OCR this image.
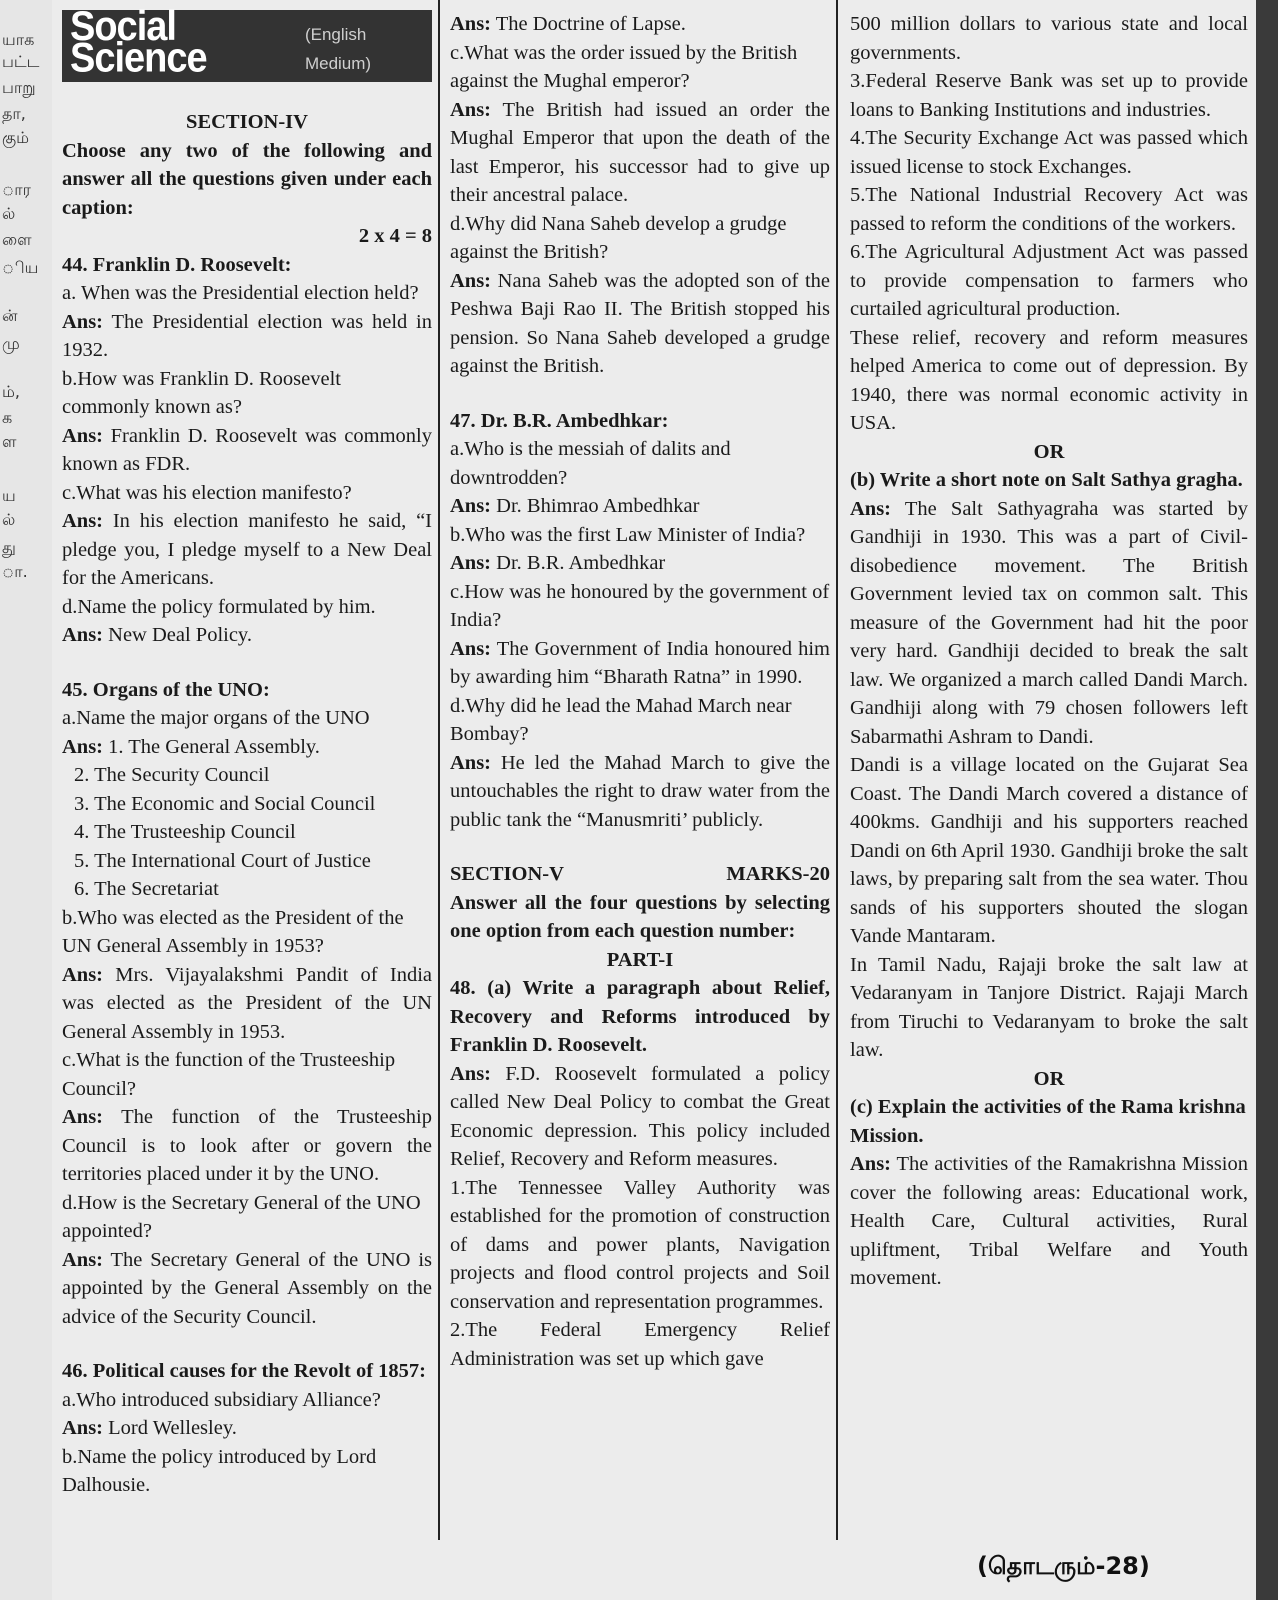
யாக
பட்ட
பாறு
தா,
கும்
ார
ல்
ளை
ிய
ன்
மு
ம்,
க
ள
ய
ல்
து
ா.
Social Science
(English Medium)

SECTION-IV

Choose any two of the following and answer all the questions given under each caption:

2 x 4 = 8

44. Franklin D. Roosevelt:

a. When was the Presidential election held?

Ans: The Presidential election was held in 1932.

b.How was Franklin D. Roosevelt commonly known as?

Ans: Franklin D. Roosevelt was commonly known as FDR.

c.What was his election manifesto?

Ans: In his election manifesto he said, “I pledge you, I pledge myself to a New Deal for the Americans.

d.Name the policy formulated by him.

Ans: New Deal Policy.

45. Organs of the UNO:

a.Name the major organs of the UNO

Ans: 1. The General Assembly.

2. The Security Council

3. The Economic and Social Council

4. The Trusteeship Council

5. The International Court of Justice

6. The Secretariat

b.Who was elected as the President of the UN General Assembly in 1953?

Ans: Mrs. Vijayalakshmi Pandit of India was elected as the President of the UN General Assembly in 1953.

c.What is the function of the Trusteeship Council?

Ans: The function of the Trusteeship Council is to look after or govern the territories placed under it by the UNO.

d.How is the Secretary General of the UNO appointed?

Ans: The Secretary General of the UNO is appointed by the General Assembly on the advice of the Security Council.

46. Political causes for the Revolt of 1857:

a.Who introduced subsidiary Alliance?

Ans: Lord Wellesley.

b.Name the policy introduced by Lord Dalhousie.

Ans: The Doctrine of Lapse.

c.What was the order issued by the British against the Mughal emperor?

Ans: The British had issued an order the Mughal Emperor that upon the death of the last Emperor, his successor had to give up their ancestral palace.

d.Why did Nana Saheb develop a grudge against the British?

Ans: Nana Saheb was the adopted son of the Peshwa Baji Rao II. The British stopped his pension. So Nana Saheb developed a grudge against the British.

47. Dr. B.R. Ambedhkar:

a.Who is the messiah of dalits and downtrodden?

Ans: Dr. Bhimrao Ambedhkar

b.Who was the first Law Minister of India?

Ans: Dr. B.R. Ambedhkar

c.How was he honoured by the government of India?

Ans: The Government of India honoured him by awarding him “Bharath Ratna” in 1990.

d.Why did he lead the Mahad March near Bombay?

Ans: He led the Mahad March to give the untouchables the right to draw water from the public tank the “Manusmriti’ publicly.

SECTION-V	MARKS-20

Answer all the four questions by selecting one option from each question number:

PART-I

48. (a) Write a paragraph about Relief, Recovery and Reforms introduced by Franklin D. Roosevelt.

Ans: F.D. Roosevelt formulated a policy called New Deal Policy to combat the Great Economic depression. This policy included Relief, Recovery and Reform measures.

1.The Tennessee Valley Authority was established for the promotion of construction of dams and power plants, Navigation projects and flood control projects and Soil conservation and representation programmes.

2.The Federal Emergency Relief Administration was set up which gave

500 million dollars to various state and local governments.

3.Federal Reserve Bank was set up to provide loans to Banking Institutions and industries.

4.The Security Exchange Act was passed which issued license to stock Exchanges.

5.The National Industrial Recovery Act was passed to reform the conditions of the workers.

6.The Agricultural Adjustment Act was passed to provide compensation to farmers who curtailed agricultural production.

These relief, recovery and reform measures helped America to come out of depression. By 1940, there was normal economic activity in USA.

OR

(b) Write a short note on Salt Sathya gragha.

Ans: The Salt Sathyagraha was started by Gandhiji in 1930. This was a part of Civil-disobedience movement. The British Government levied tax on common salt. This measure of the Government had hit the poor very hard. Gandhiji decided to break the salt law. We organized a march called Dandi March. Gandhiji along with 79 chosen followers left Sabarmathi Ashram to Dandi.

Dandi is a village located on the Gujarat Sea Coast. The Dandi March covered a distance of 400kms. Gandhiji and his supporters reached Dandi on 6th April 1930. Gandhiji broke the salt laws, by preparing salt from the sea water. Thou sands of his supporters shouted the slogan Vande Mantaram.

In Tamil Nadu, Rajaji broke the salt law at Vedaranyam in Tanjore District. Rajaji March from Tiruchi to Vedaranyam to broke the salt law.

OR

(c) Explain the activities of the Rama krishna Mission.

Ans: The activities of the Ramakrishna Mission cover the following areas: Educational work, Health Care, Cultural activities, Rural upliftment, Tribal Welfare and Youth movement.

(தொடரும்-28)
